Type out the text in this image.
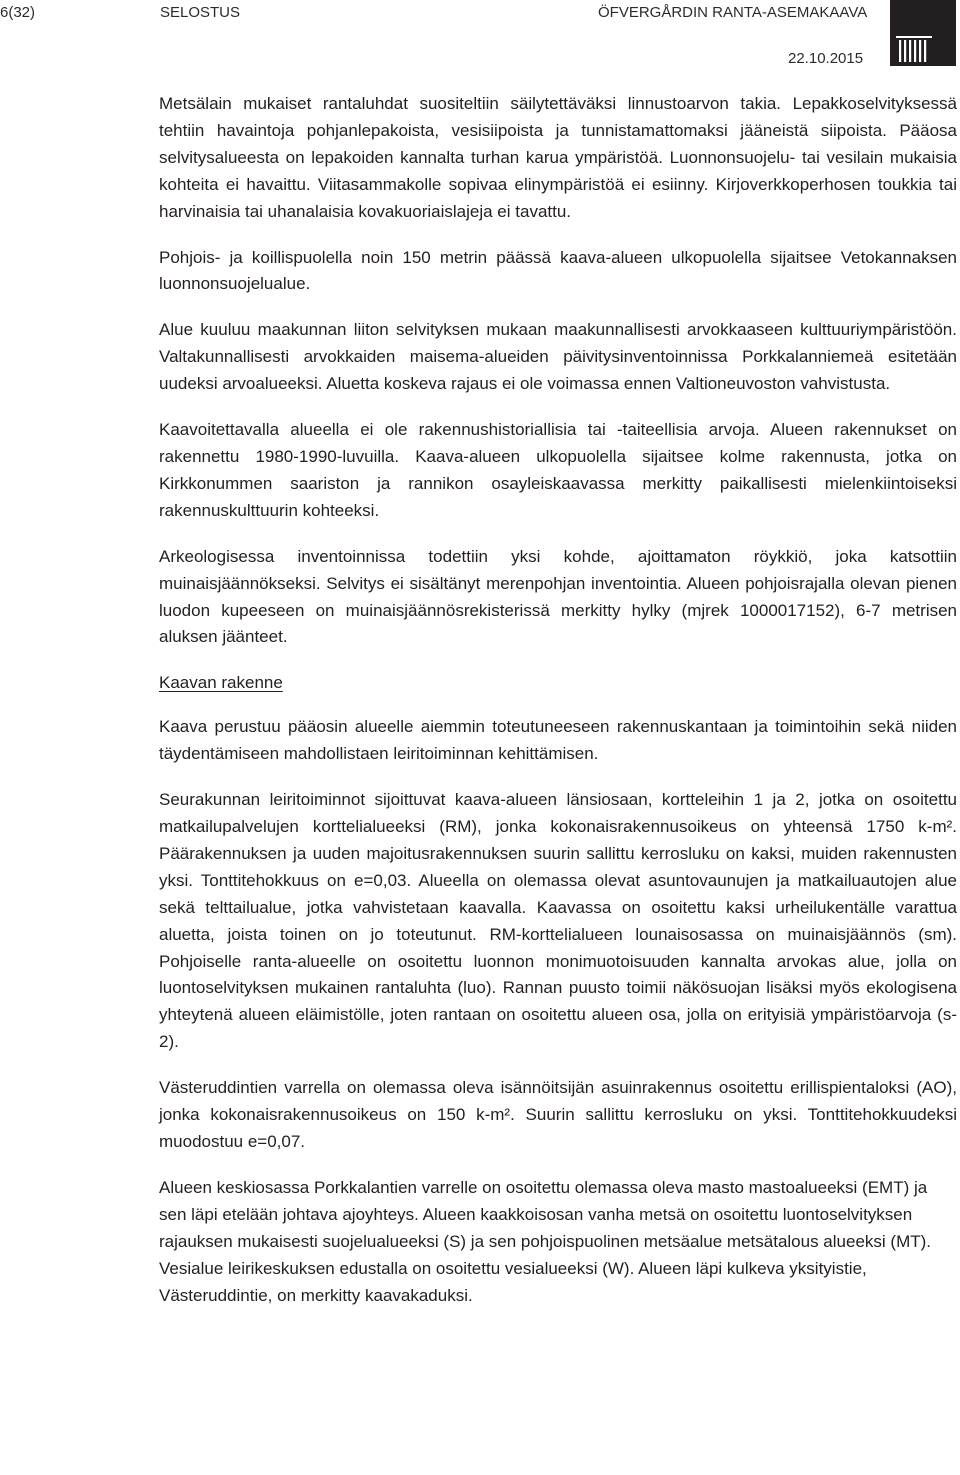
6(32)	SELOSTUS	ÖFVERGÅRDIN RANTA-ASEMAKAAVA
22.10.2015

Metsälain mukaiset rantaluhdat suositeltiin säilytettäväksi linnustoarvon takia. Lepakkoselvityksessä tehtiin havaintoja pohjanlepakoista, vesisiipoista ja tunnistamattomaksi jääneistä siipoista. Pääosa selvitysalueesta on lepakoiden kannalta turhan karua ympäristöä. Luonnonsuojelu- tai vesilain mukaisia kohteita ei havaittu. Viitasammakolle sopivaa elinympäristöä ei esiinny. Kirjoverkkoperhosen toukkia tai harvinaisia tai uhanalaisia kovakuoriaislajeja ei tavattu.

Pohjois- ja koillispuolella noin 150 metrin päässä kaava-alueen ulkopuolella sijaitsee Vetokannaksen luonnonsuojelualue.

Alue kuuluu maakunnan liiton selvityksen mukaan maakunnallisesti arvokkaaseen kulttuuriympäristöön. Valtakunnallisesti arvokkaiden maisema-alueiden päivitysinventoinnissa Porkkalanniemeä esitetään uudeksi arvoalueeksi. Aluetta koskeva rajaus ei ole voimassa ennen Valtioneuvoston vahvistusta.

Kaavoitettavalla alueella ei ole rakennushistoriallisia tai -taiteellisia arvoja. Alueen rakennukset on rakennettu 1980-1990-luvuilla. Kaava-alueen ulkopuolella sijaitsee kolme rakennusta, jotka on Kirkkonummen saariston ja rannikon osayleiskaavassa merkitty paikallisesti mielenkiintoiseksi rakennuskulttuurin kohteeksi.

Arkeologisessa inventoinnissa todettiin yksi kohde, ajoittamaton röykkiö, joka katsottiin muinaisjäännökseksi. Selvitys ei sisältänyt merenpohjan inventointia. Alueen pohjoisrajalla olevan pienen luodon kupeeseen on muinaisjäännösrekisterissä merkitty hylky (mjrek 1000017152), 6-7 metrisen aluksen jäänteet.

Kaavan rakenne

Kaava perustuu pääosin alueelle aiemmin toteutuneeseen rakennuskantaan ja toimintoihin sekä niiden täydentämiseen mahdollistaen leiritoiminnan kehittämisen.

Seurakunnan leiritoiminnot sijoittuvat kaava-alueen länsiosaan, kortteleihin 1 ja 2, jotka on osoitettu matkailupalvelujen korttelialueeksi (RM), jonka kokonaisrakennusoikeus on yhteensä 1750 k-m². Päärakennuksen ja uuden majoitusrakennuksen suurin sallittu kerrosluku on kaksi, muiden rakennusten yksi. Tonttitehokkuus on e=0,03. Alueella on olemassa olevat asuntovaunujen ja matkailuautojen alue sekä telttailualue, jotka vahvistetaan kaavalla. Kaavassa on osoitettu kaksi urheilukentälle varattua aluetta, joista toinen on jo toteutunut. RM-korttelialueen lounaisosassa on muinaisjäännös (sm). Pohjoiselle ranta-alueelle on osoitettu luonnon monimuotoisuuden kannalta arvokas alue, jolla on luontoselvityksen mukainen rantaluhta (luo). Rannan puusto toimii näkösuojan lisäksi myös ekologisena yhteytenä alueen eläimistölle, joten rantaan on osoitettu alueen osa, jolla on erityisiä ympäristöarvoja (s-2).

Västeruddintien varrella on olemassa oleva isännöitsijän asuinrakennus osoitettu erillispientaloksi (AO), jonka kokonaisrakennusoikeus on 150 k-m². Suurin sallittu kerrosluku on yksi. Tonttitehokkuudeksi muodostuu e=0,07.

Alueen keskiosassa Porkkalantien varrelle on osoitettu olemassa oleva masto mastoalueeksi (EMT) ja sen läpi etelään johtava ajoyhteys. Alueen kaakkoisosan vanha metsä on osoitettu luontoselvityksen rajauksen mukaisesti suojelualueeksi (S) ja sen pohjoispuolinen metsäalue metsätalous alueeksi (MT). Vesialue leirikeskuksen edustalla on osoitettu vesialueeksi (W). Alueen läpi kulkeva yksityistie, Västeruddintie, on merkitty kaavakaduksi.
